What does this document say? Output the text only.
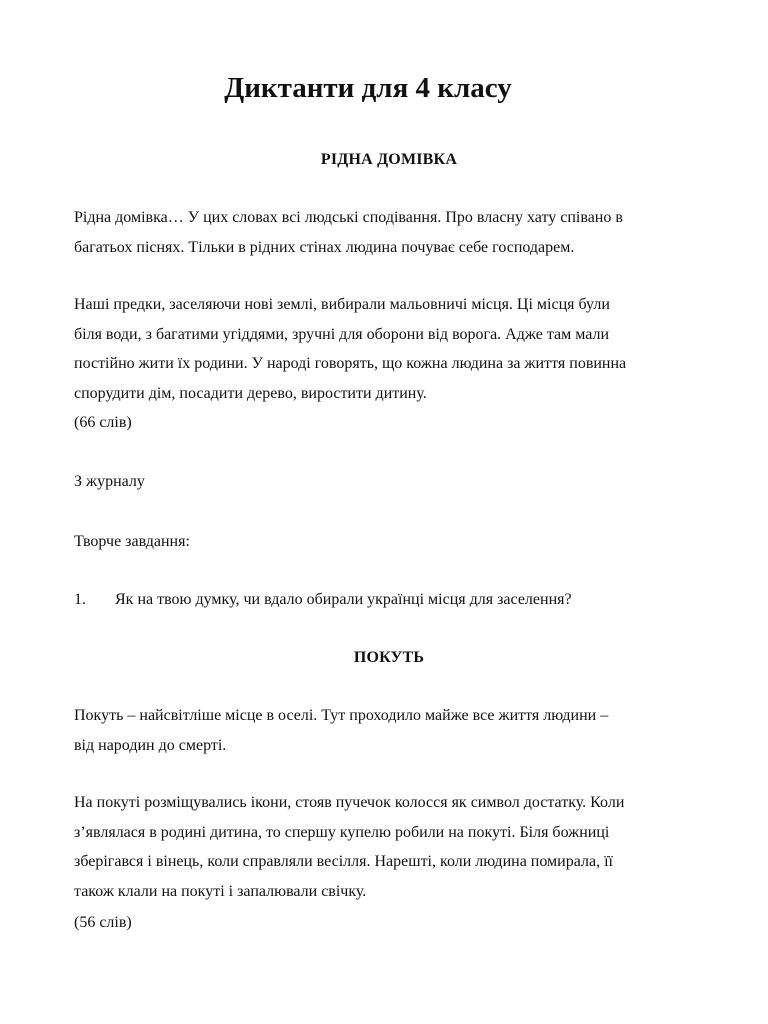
Диктанти для 4 класу
РІДНА ДОМІВКА

Рідна домівка… У цих словах всі людські сподівання. Про власну хату співано в
багатьох піснях. Тільки в рідних стінах людина почуває себе господарем.

Наші предки, заселяючи нові землі, вибирали мальовничі місця. Ці місця були
біля води, з багатими угіддями, зручні для оборони від ворога. Адже там мали
постійно жити їх родини. У народі говорять, що кожна людина за життя повинна
спорудити дім, посадити дерево, виростити дитину.

(66 слів)

З журналу

Творче завдання:

1. Як на твою думку, чи вдало обирали українці місця для заселення?

ПОКУТЬ

Покуть – найсвітліше місце в оселі. Тут проходило майже все життя людини –
від народин до смерті.

На покуті розміщувались ікони, стояв пучечок колосся як символ достатку. Коли
з’являлася в родині дитина, то спершу купелю робили на покуті. Біля божниці
зберігався і вінець, коли справляли весілля. Нарешті, коли людина помирала, її
також клали на покуті і запалювали свічку.

(56 слів)
